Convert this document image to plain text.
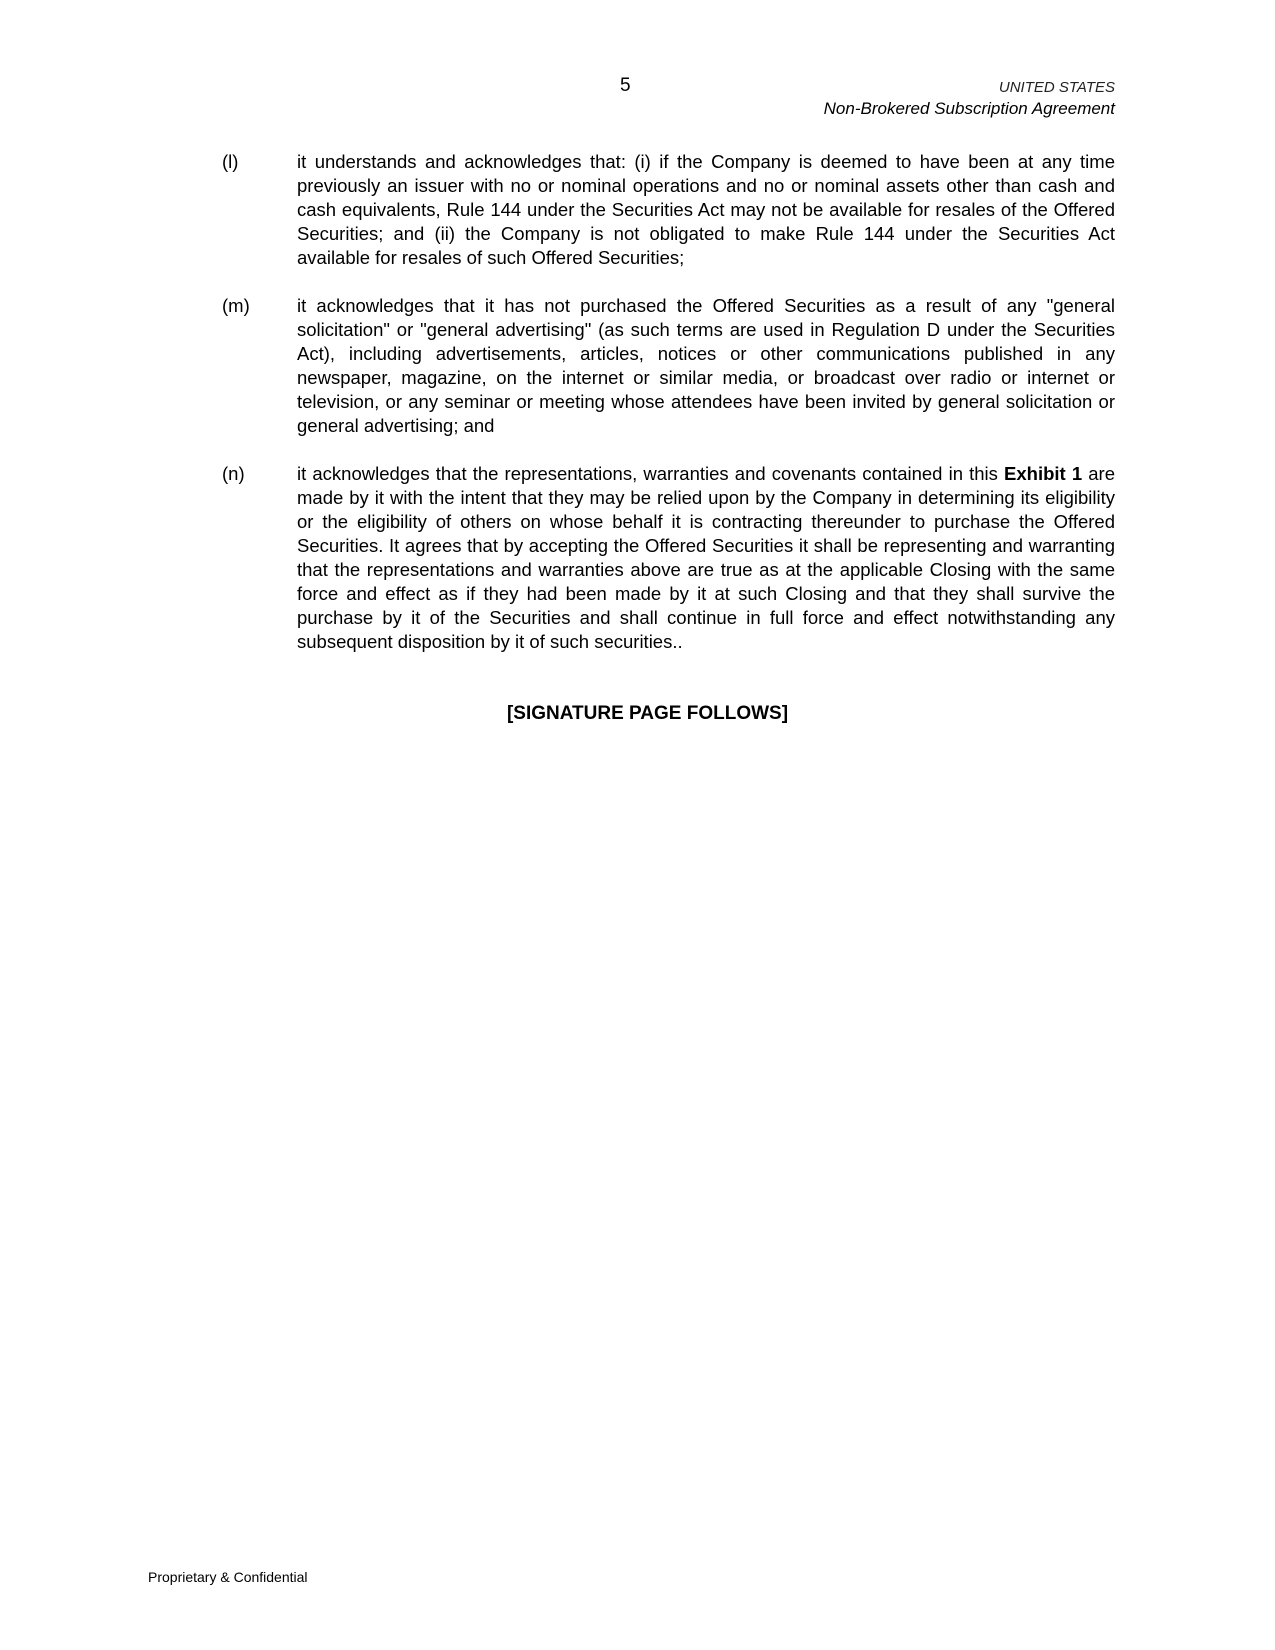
5	UNITED STATES
Non-Brokered Subscription Agreement
(l)	it understands and acknowledges that: (i) if the Company is deemed to have been at any time previously an issuer with no or nominal operations and no or nominal assets other than cash and cash equivalents, Rule 144 under the Securities Act may not be available for resales of the Offered Securities; and (ii) the Company is not obligated to make Rule 144 under the Securities Act available for resales of such Offered Securities;
(m)	it acknowledges that it has not purchased the Offered Securities as a result of any "general solicitation" or "general advertising" (as such terms are used in Regulation D under the Securities Act), including advertisements, articles, notices or other communications published in any newspaper, magazine, on the internet or similar media, or broadcast over radio or internet or television, or any seminar or meeting whose attendees have been invited by general solicitation or general advertising; and
(n)	it acknowledges that the representations, warranties and covenants contained in this Exhibit 1 are made by it with the intent that they may be relied upon by the Company in determining its eligibility or the eligibility of others on whose behalf it is contracting thereunder to purchase the Offered Securities. It agrees that by accepting the Offered Securities it shall be representing and warranting that the representations and warranties above are true as at the applicable Closing with the same force and effect as if they had been made by it at such Closing and that they shall survive the purchase by it of the Securities and shall continue in full force and effect notwithstanding any subsequent disposition by it of such securities..
[SIGNATURE PAGE FOLLOWS]
Proprietary & Confidential
